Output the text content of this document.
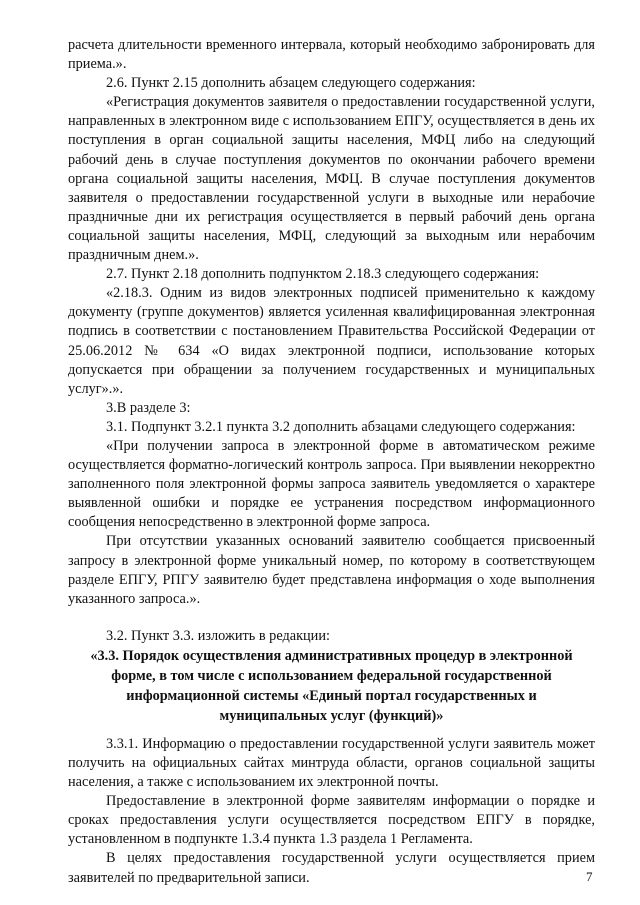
расчета длительности временного интервала, который необходимо забронировать для приема.».

2.6. Пункт 2.15 дополнить абзацем следующего содержания:

«Регистрация документов заявителя о предоставлении государственной услуги, направленных в электронном виде с использованием ЕПГУ, осуществляется в день их поступления в орган социальной защиты населения, МФЦ либо на следующий рабочий день в случае поступления документов по окончании рабочего времени органа социальной защиты населения, МФЦ. В случае поступления документов заявителя о предоставлении государственной услуги в выходные или нерабочие праздничные дни их регистрация осуществляется в первый рабочий день органа социальной защиты населения, МФЦ, следующий за выходным или нерабочим праздничным днем.».

2.7. Пункт 2.18 дополнить подпунктом 2.18.3 следующего содержания:

«2.18.3. Одним из видов электронных подписей применительно к каждому документу (группе документов) является усиленная квалифицированная электронная подпись в соответствии с постановлением Правительства Российской Федерации от 25.06.2012 № 634 «О видах электронной подписи, использование которых допускается при обращении за получением государственных и муниципальных услуг».».

3.В разделе 3:

3.1. Подпункт 3.2.1 пункта 3.2 дополнить абзацами следующего содержания:

«При получении запроса в электронной форме в автоматическом режиме осуществляется форматно-логический контроль запроса. При выявлении некорректно заполненного поля электронной формы запроса заявитель уведомляется о характере выявленной ошибки и порядке ее устранения посредством информационного сообщения непосредственно в электронной форме запроса.

При отсутствии указанных оснований заявителю сообщается присвоенный запросу в электронной форме уникальный номер, по которому в соответствующем разделе ЕПГУ, РПГУ заявителю будет представлена информация о ходе выполнения указанного запроса.».

3.2. Пункт 3.3. изложить в редакции:

«3.3. Порядок осуществления административных процедур в электронной форме, в том числе с использованием федеральной государственной информационной системы «Единый портал государственных и муниципальных услуг (функций)»

3.3.1. Информацию о предоставлении государственной услуги заявитель может получить на официальных сайтах минтруда области, органов социальной защиты населения, а также с использованием их электронной почты.

Предоставление в электронной форме заявителям информации о порядке и сроках предоставления услуги осуществляется посредством ЕПГУ в порядке, установленном в подпункте 1.3.4 пункта 1.3 раздела 1 Регламента.

В целях предоставления государственной услуги осуществляется прием заявителей по предварительной записи.	7
